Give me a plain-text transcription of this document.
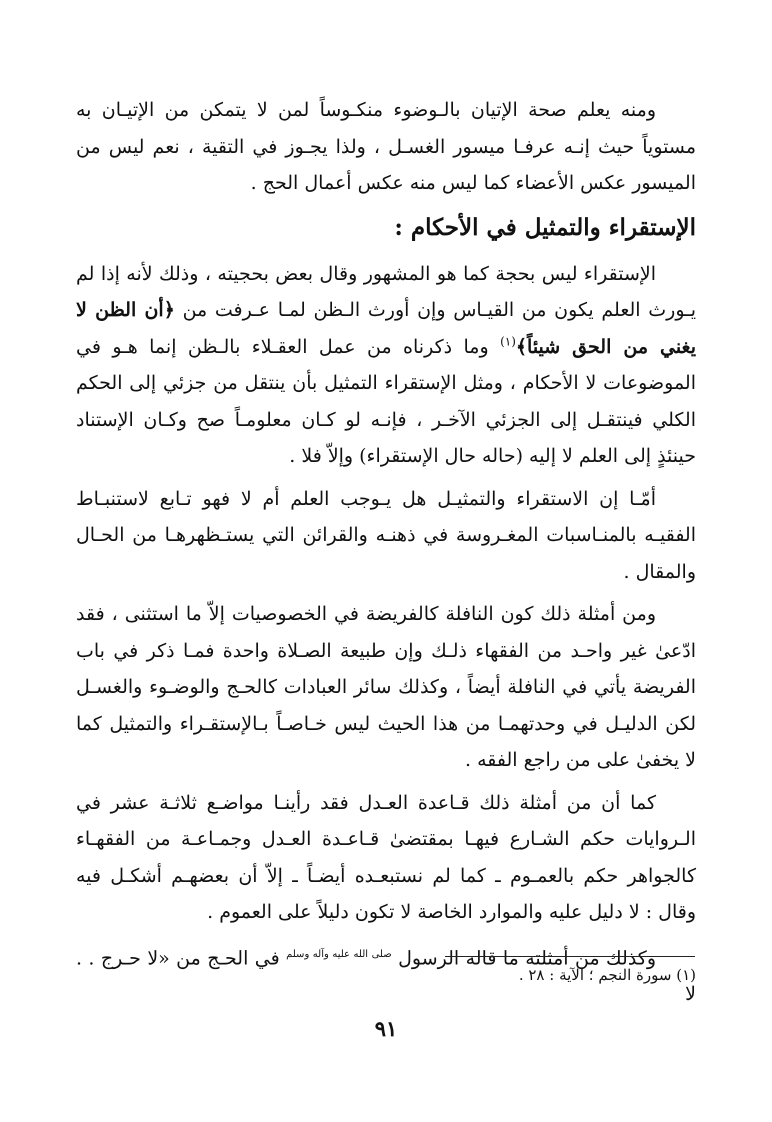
ومنه يعلم صحة الإتيان بالـوضوء منكـوساً لمن لا يتمكن من الإتيـان به مستوياً حيث إنـه عرفـا ميسور الغسـل ، ولذا يجـوز في التقية ، نعم ليس من الميسور عكس الأعضاء كما ليس منه عكس أعمال الحج .

الإستقراء والتمثيل في الأحكام :

الإستقراء ليس بحجة كما هو المشهور وقال بعض بحجيته ، وذلك لأنه إذا لم يـورث العلم يكون من القيـاس وإن أورث الـظن لمـا عـرفت من ﴿أن الظن لا يغني من الحق شيئاً﴾$^{(١)}$ وما ذكرناه من عمل العقـلاء بالـظن إنما هـو في الموضوعات لا الأحكام ، ومثل الإستقراء التمثيل بأن ينتقل من جزئي إلى الحكم الكلي فينتقـل إلى الجزئي الآخـر ، فإنـه لو كـان معلومـاً صح وكـان الإستناد حينئذٍ إلى العلم لا إليه (حاله حال الإستقراء) وإلاّ فلا .

أمّـا إن الاستقراء والتمثيـل هل يـوجب العلم أم لا فهو تـابع لاستنبـاط الفقيـه بالمنـاسبات المغـروسة في ذهنـه والقرائن التي يستـظهرهـا من الحـال والمقال .

ومن أمثلة ذلك كون النافلة كالفريضة في الخصوصيات إلاّ ما استثنى ، فقد ادّعىٰ غير واحـد من الفقهاء ذلـك وإن طبيعة الصـلاة واحدة فمـا ذكر في باب الفريضة يأتي في النافلة أيضاً ، وكذلك سائر العبادات كالحـج والوضـوء والغسـل لكن الدليـل في وحدتهمـا من هذا الحيث ليس خـاصـاً بـالإستقـراء والتمثيل كما لا يخفىٰ على من راجع الفقه .

كما أن من أمثلة ذلك قـاعدة العـدل فقد رأينـا مواضـع ثلاثـة عشر في الـروايات حكم الشـارع فيهـا بمقتضىٰ قـاعـدة العـدل وجمـاعـة من الفقهـاء كالجواهر حكم بالعمـوم ـ كما لم نستبعـده أيضـاً ـ إلاّ أن بعضهـم أشكـل فيه وقال : لا دليل عليه والموارد الخاصة لا تكون دليلاً على العموم .

وكذلك من أمثلته ما قاله الرسول $^{صلى الله عليه وآله وسلم}$ في الحـج من «لا حـرج . . لا

(١) سورة النجم ؛ الآية : ٢٨ .
٩١
